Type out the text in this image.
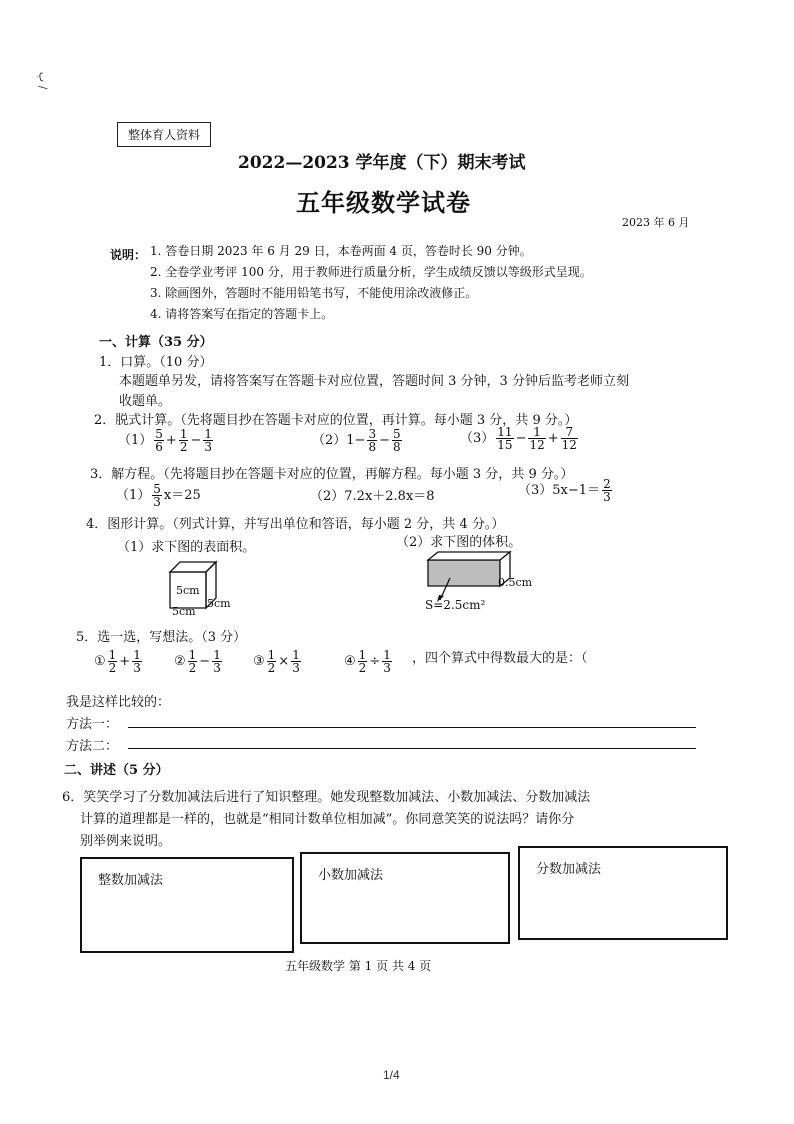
ب /
整体育人资料
2022—2023 学年度（下）期末考试
五年级数学试卷
2023 年 6 月
说明： 1. 答卷日期 2023 年 6 月 29 日，本卷两面 4 页，答卷时长 90 分钟。
2. 全卷学业考评 100 分，用于教师进行质量分析，学生成绩反馈以等级形式呈现。
3. 除画图外，答题时不能用铅笔书写，不能使用涂改液修正。
4. 请将答案写在指定的答题卡上。
一、计算（35 分）
1．口算。（10 分）
本题题单另发，请将答案写在答题卡对应位置，答题时间 3 分钟，3 分钟后监考老师立刻
收题单。
2．脱式计算。（先将题目抄在答题卡对应的位置，再计算。每小题 3 分，共 9 分。）
$(1) \frac{5}{6} + \frac{1}{2} - \frac{1}{3}$	$(2)1- \frac{3}{8} - \frac{5}{8}$	$(3) \frac{11}{15} - \frac{1}{12} + \frac{7}{12}$
3．解方程。（先将题目抄在答题卡对应的位置，再解方程。每小题 3 分，共 9 分。）
$(1) \frac{5}{3} x=25$	（2）7.2x＋2.8x＝8	$(3)5x-1= \frac{2}{3}$
4．图形计算。（列式计算，并写出单位和答语，每小题 2 分，共 4 分。）
（1）求下图的表面积。	（2）求下图的体积。
5cm
5cm
5cm
0.5cm
S=2.5cm²
5．选一选，写想法。（3 分）
① $\frac{1}{2} + \frac{1}{3}$ ② $\frac{1}{2} - \frac{1}{3}$ ③ $\frac{1}{2} \times \frac{1}{3}$	④ $\frac{1}{2} \div \frac{1}{3}$ ，四个算式中得数最大的是：（
我是这样比较的：
方法一：
方法二：
二、讲述（5 分）
6．笑笑学习了分数加减法后进行了知识整理。她发现整数加减法、小数加减法、分数加减法
计算的道理都是一样的，也就是“相同计数单位相加减”。你同意笑笑的说法吗？请你分
别举例来说明。
整数加减法	小数加减法	分数加减法
五年级数学 第 1 页 共 4 页
1/4
